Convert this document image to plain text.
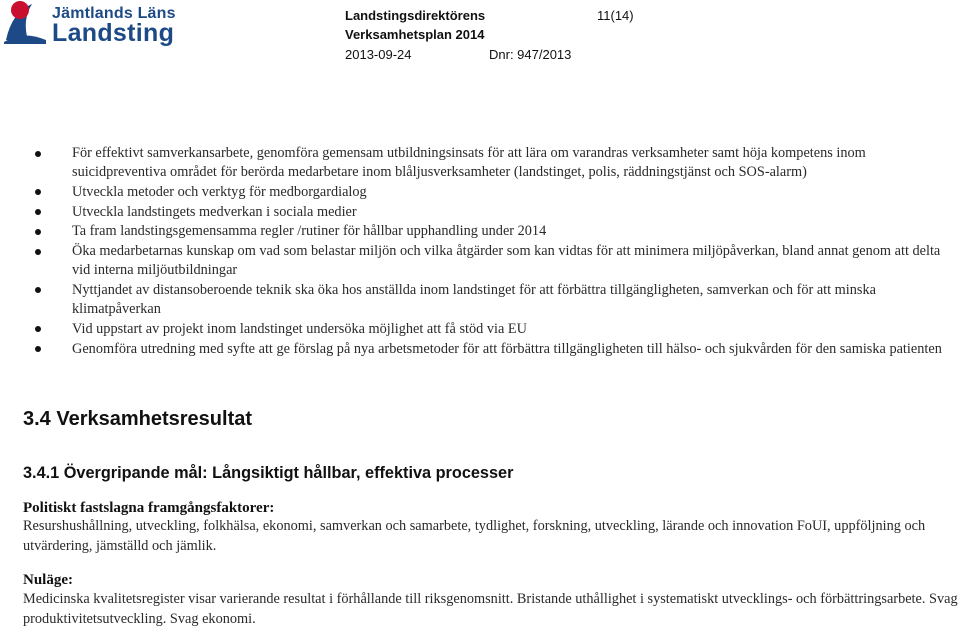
Jämtlands Läns
Landsting
Landstingsdirektörens	11(14)
Verksamhetsplan 2014
2013-09-24	Dnr: 947/2013
För effektivt samverkansarbete, genomföra gemensam utbildningsinsats för att lära om varandras verksamheter samt höja kompetens inom suicidpreventiva området för berörda medarbetare inom blåljusverksamheter (landstinget, polis, räddningstjänst och SOS-alarm)
Utveckla metoder och verktyg för medborgardialog
Utveckla landstingets medverkan i sociala medier
Ta fram landstingsgemensamma regler /rutiner för hållbar upphandling under 2014
Öka medarbetarnas kunskap om vad som belastar miljön och vilka åtgärder som kan vidtas för att minimera miljöpåverkan, bland annat genom att delta vid interna miljöutbildningar
Nyttjandet av distansoberoende teknik ska öka hos anställda inom landstinget för att förbättra tillgängligheten, samverkan och för att minska klimatpåverkan
Vid uppstart av projekt inom landstinget undersöka möjlighet att få stöd via EU
Genomföra utredning med syfte att ge förslag på nya arbetsmetoder för att förbättra tillgängligheten till hälso- och sjukvården för den samiska patienten
3.4 Verksamhetsresultat
3.4.1 Övergripande mål: Långsiktigt hållbar, effektiva processer
Politiskt fastslagna framgångsfaktorer:
Resurshushållning, utveckling, folkhälsa, ekonomi, samverkan och samarbete, tydlighet, forskning, utveckling, lärande och innovation FoUI, uppföljning och utvärdering, jämställd och jämlik.
Nuläge:
Medicinska kvalitetsregister visar varierande resultat i förhållande till riksgenomsnitt. Bristande uthållighet i systematiskt utvecklings- och förbättringsarbete. Svag produktivitetsutveckling. Svag ekonomi.
